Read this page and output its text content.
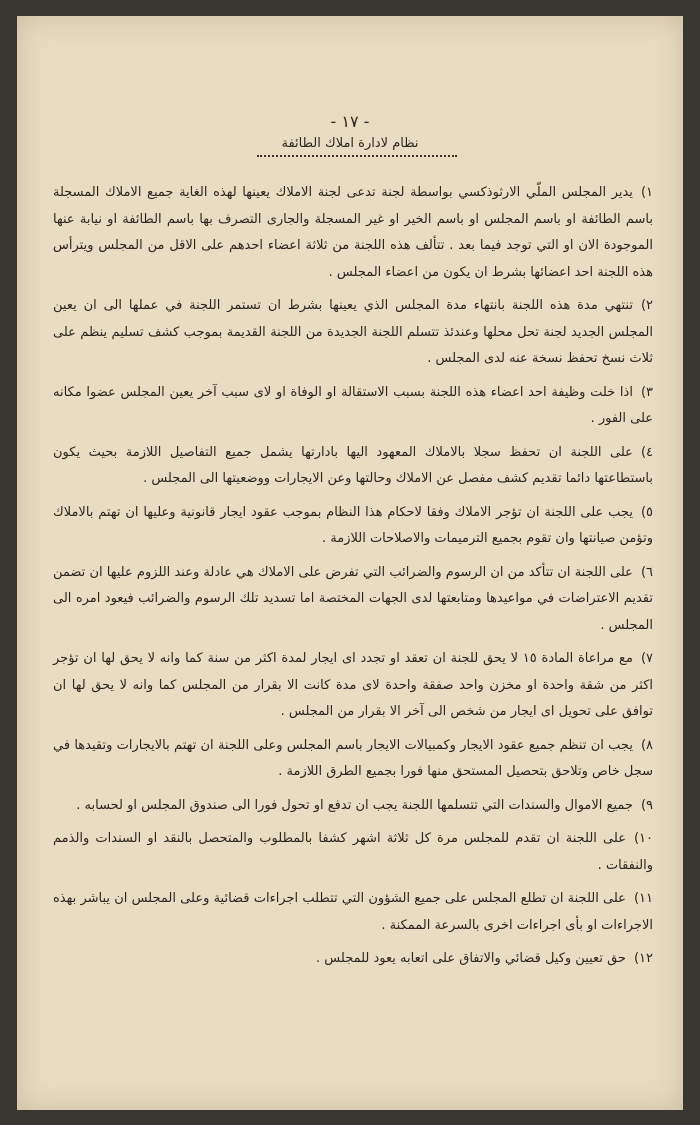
- ١٧ -
نظام لادارة املاك الطائفة

١)يدير المجلس الملّي الارثوذكسي بواسطة لجنة تدعى لجنة الاملاك يعينها لهذه الغاية جميع الاملاك المسجلة باسم الطائفة او باسم المجلس او باسم الخير او غير المسجلة والجارى التصرف بها باسم الطائفة او نيابة عنها الموجودة الان او التي توجد فيما بعد . تتألف هذه اللجنة من ثلاثة اعضاء احدهم على الاقل من المجلس ويترأس هذه اللجنة احد اعضائها بشرط ان يكون من اعضاء المجلس .

٢)تنتهي مدة هذه اللجنة بانتهاء مدة المجلس الذي يعينها بشرط ان تستمر اللجنة في عملها الى ان يعين المجلس الجديد لجنة تحل محلها وعندئذ تتسلم اللجنة الجديدة من اللجنة القديمة بموجب كشف تسليم ينظم على ثلاث نسخ تحفظ نسخة عنه لدى المجلس .

٣)اذا خلت وظيفة احد اعضاء هذه اللجنة بسبب الاستقالة او الوفاة او لاى سبب آخر يعين المجلس عضوا مكانه على الفور .

٤)على اللجنة ان تحفظ سجلا بالاملاك المعهود اليها بادارتها يشمل جميع التفاصيل اللازمة بحيث يكون باستطاعتها دائما تقديم كشف مفصل عن الاملاك وحالتها وعن الايجارات ووضعيتها الى المجلس .

٥)يجب على اللجنة ان تؤجر الاملاك وفقا لاحكام هذا النظام بموجب عقود ايجار قانونية وعليها ان تهتم بالاملاك وتؤمن صيانتها وان تقوم بجميع الترميمات والاصلاحات اللازمة .

٦)على اللجنة ان تتأكد من ان الرسوم والضرائب التي تفرض على الاملاك هي عادلة وعند اللزوم عليها ان تضمن تقديم الاعتراضات في مواعيدها ومتابعتها لدى الجهات المختصة اما تسديد تلك الرسوم والضرائب فيعود امره الى المجلس .

٧)مع مراعاة المادة ١٥ لا يحق للجنة ان تعقد او تجدد اى ايجار لمدة اكثر من سنة كما وانه لا يحق لها ان تؤجر اكثر من شقة واحدة او مخزن واحد صفقة واحدة لاى مدة كانت الا بقرار من المجلس كما وانه لا يحق لها ان توافق على تحويل اى ايجار من شخص الى آخر الا بقرار من المجلس .

٨)يجب ان تنظم جميع عقود الايجار وكمبيالات الايجار باسم المجلس وعلى اللجنة ان تهتم بالايجارات وتقيدها في سجل خاص وتلاحق بتحصيل المستحق منها فورا بجميع الطرق اللازمة .

٩)جميع الاموال والسندات التي تتسلمها اللجنة يجب ان تدفع او تحول فورا الى صندوق المجلس او لحسابه .

١٠)على اللجنة ان تقدم للمجلس مرة كل ثلاثة اشهر كشفا بالمطلوب والمتحصل بالنقد او السندات والذمم والنفقات .

١١)على اللجنة ان تطلع المجلس على جميع الشؤون التي تتطلب اجراءات قضائية وعلى المجلس ان يباشر بهذه الاجراءات او بأى اجراءات اخرى بالسرعة الممكنة .

١٢)حق تعيين وكيل قضائي والاتفاق على اتعابه يعود للمجلس .
